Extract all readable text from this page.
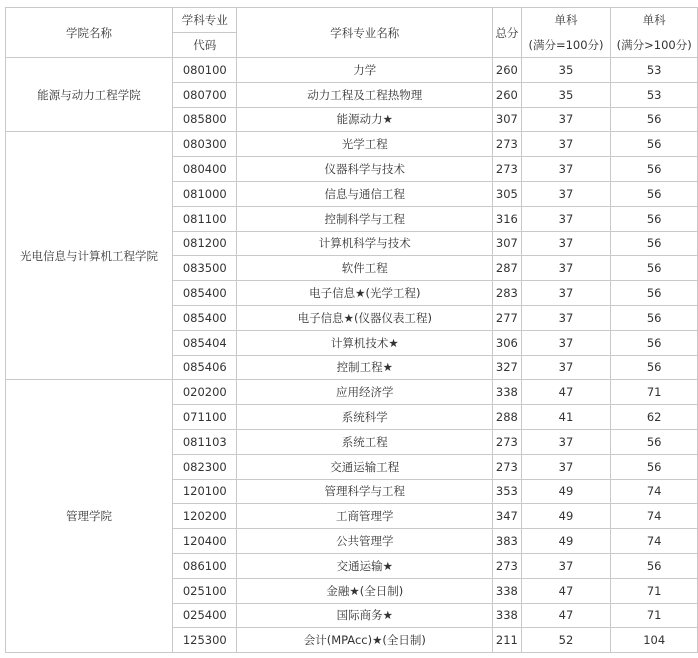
学院名称	学科专业	学科专业名称	总分	单科	单科
	代码			(满分=100分)	(满分>100分)
能源与动力工程学院	080100	力学	260	35	53
	080700	动力工程及工程热物理	260	35	53
	085800	能源动力★	307	37	56
光电信息与计算机工程学院	080300	光学工程	273	37	56
	080400	仪器科学与技术	273	37	56
	081000	信息与通信工程	305	37	56
	081100	控制科学与工程	316	37	56
	081200	计算机科学与技术	307	37	56
	083500	软件工程	287	37	56
	085400	电子信息★(光学工程)	283	37	56
	085400	电子信息★(仪器仪表工程)	277	37	56
	085404	计算机技术★	306	37	56
	085406	控制工程★	327	37	56
管理学院	020200	应用经济学	338	47	71
	071100	系统科学	288	41	62
	081103	系统工程	273	37	56
	082300	交通运输工程	273	37	56
	120100	管理科学与工程	353	49	74
	120200	工商管理学	347	49	74
	120400	公共管理学	383	49	74
	086100	交通运输★	273	37	56
	025100	金融★(全日制)	338	47	71
	025400	国际商务★	338	47	71
	125300	会计(MPAcc)★(全日制)	211	52	104
